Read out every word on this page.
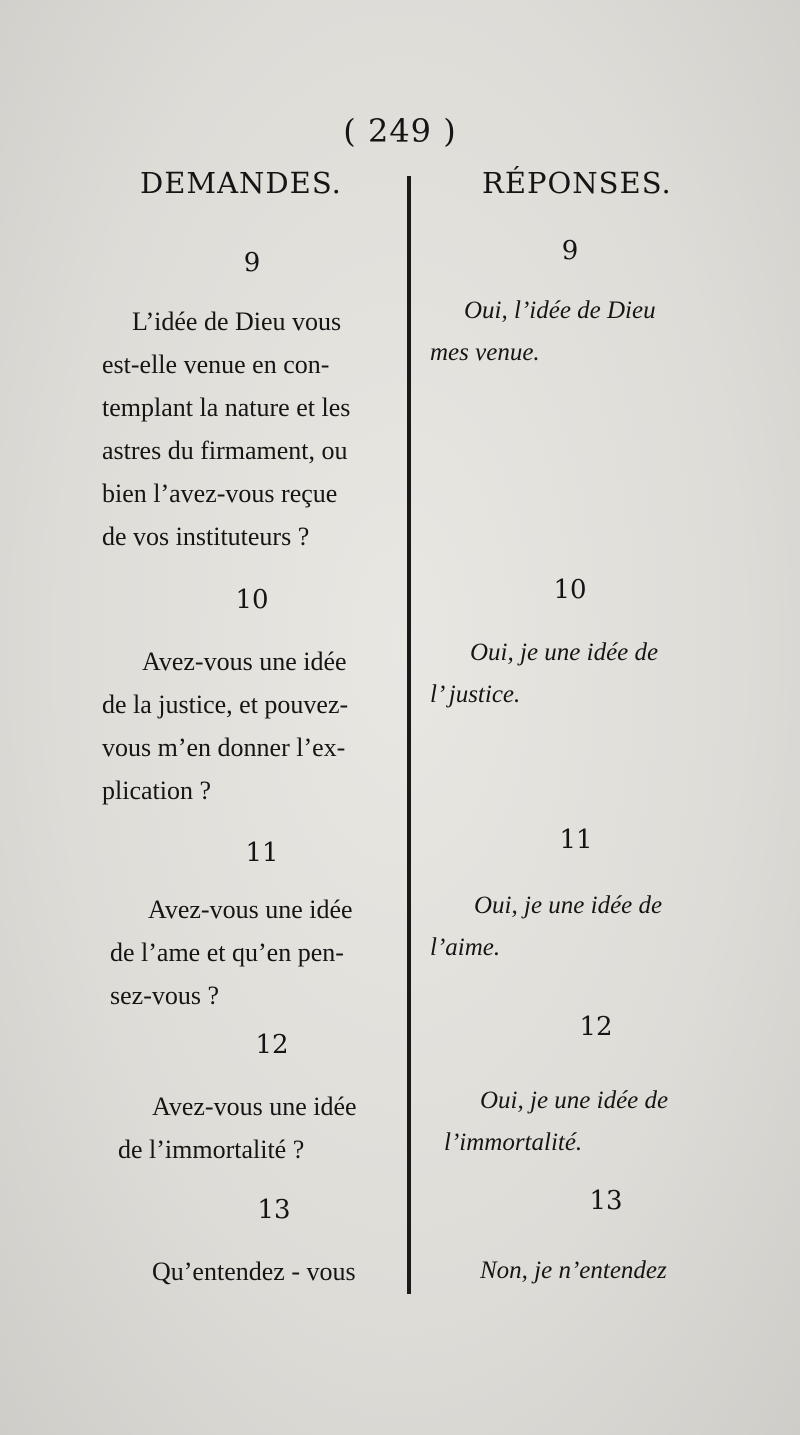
( 249 )
DEMANDES.	RÉPONSES.
9
L’idée de Dieu vous
est-elle venue en con-
templant la nature et les
astres du firmament, ou
bien l’avez-vous reçue
de vos instituteurs ?
10
Avez-vous une idée
de la justice, et pouvez-
vous m’en donner l’ex-
plication ?
11
Avez-vous une idée
de l’ame et qu’en pen-
sez-vous ?
12
Avez-vous une idée
de l’immortalité ?
13
Qu’entendez - vous
9
Oui, l’idée de Dieu
mes venue.
10
Oui, je une idée de
l’ justice.
11
Oui, je une idée de
l’aime.
12
Oui, je une idée de
l’immortalité.
13
Non, je n’entendez
